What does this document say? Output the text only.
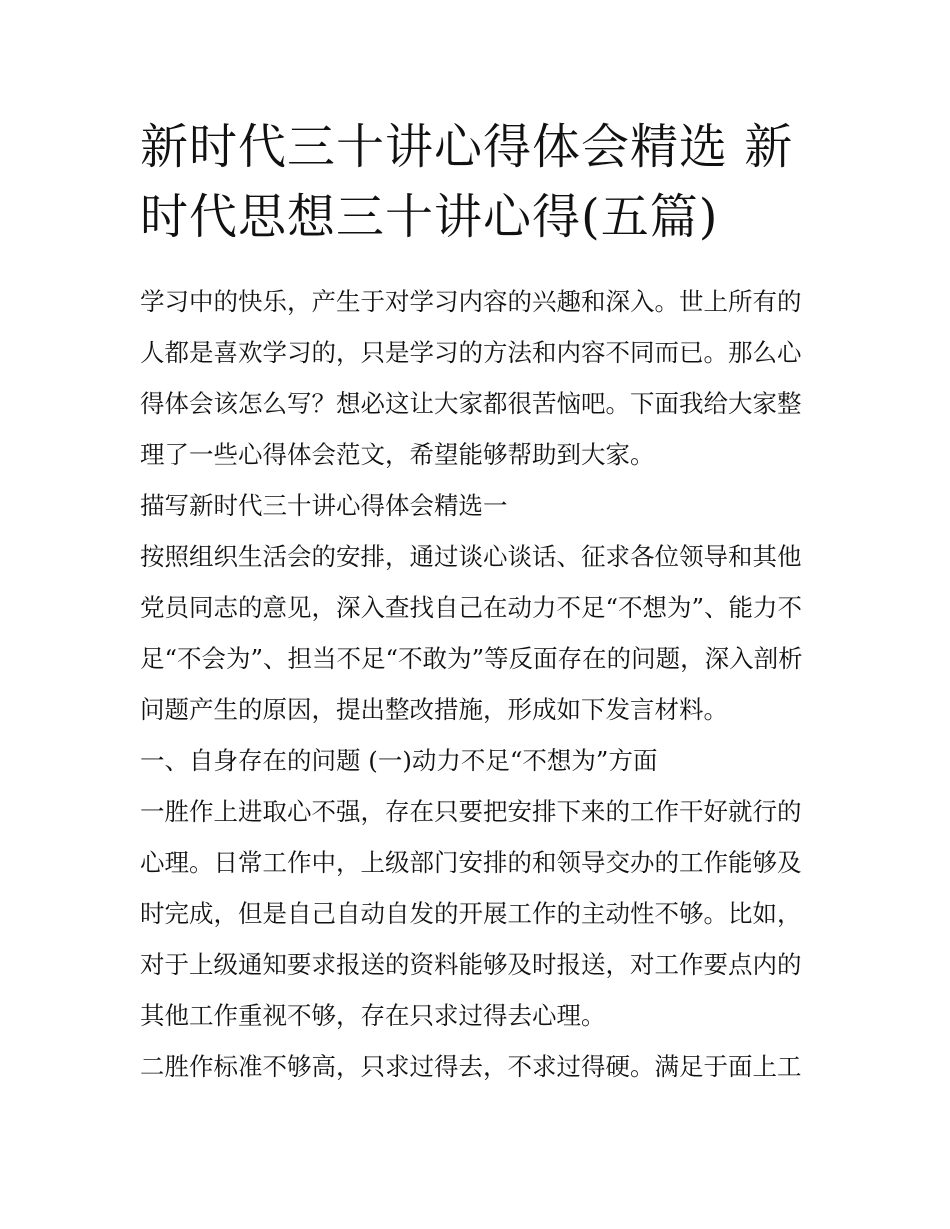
新时代三十讲心得体会精选 新
时代思想三十讲心得(五篇)
学习中的快乐，产生于对学习内容的兴趣和深入。世上所有的
人都是喜欢学习的，只是学习的方法和内容不同而已。那么心
得体会该怎么写？想必这让大家都很苦恼吧。下面我给大家整
理了一些心得体会范文，希望能够帮助到大家。
描写新时代三十讲心得体会精选一
按照组织生活会的安排，通过谈心谈话、征求各位领导和其他
党员同志的意见，深入查找自己在动力不足“不想为”、能力不
足“不会为”、担当不足“不敢为”等反面存在的问题，深入剖析
问题产生的原因，提出整改措施，形成如下发言材料。
一、自身存在的问题 (一)动力不足“不想为”方面
一胜作上进取心不强，存在只要把安排下来的工作干好就行的
心理。日常工作中，上级部门安排的和领导交办的工作能够及
时完成，但是自己自动自发的开展工作的主动性不够。比如，
对于上级通知要求报送的资料能够及时报送，对工作要点内的
其他工作重视不够，存在只求过得去心理。
二胜作标准不够高，只求过得去，不求过得硬。满足于面上工
